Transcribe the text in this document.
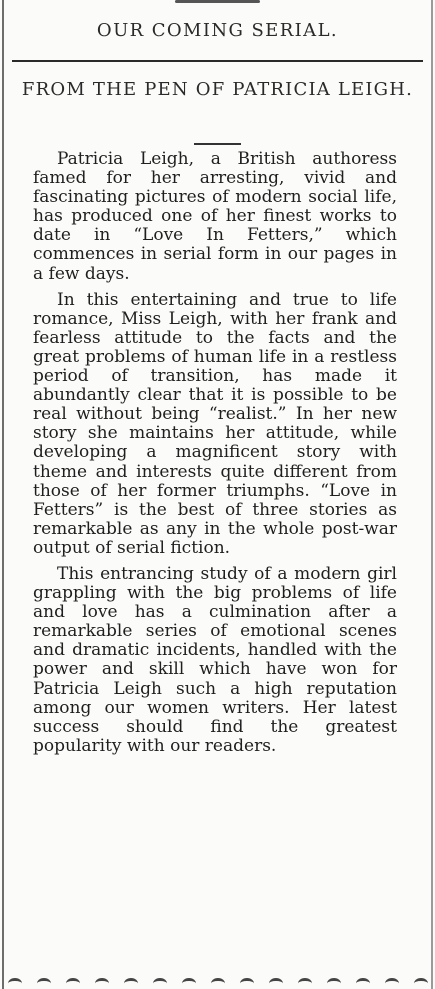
OUR COMING SERIAL.
FROM THE PEN OF PATRICIA LEIGH.

Patricia Leigh, a British authoress famed for her arresting, vivid and fascinating pictures of modern social life, has produced one of her finest works to date in “Love In Fetters,” which commences in serial form in our pages in a few days.

In this entertaining and true to life romance, Miss Leigh, with her frank and fearless attitude to the facts and the great problems of human life in a restless period of transition, has made it abundantly clear that it is possible to be real without being “realist.” In her new story she maintains her attitude, while developing a magnificent story with theme and interests quite different from those of her former triumphs. “Love in Fetters” is the best of three stories as remarkable as any in the whole post-war output of serial fiction.

This entrancing study of a modern girl grappling with the big problems of life and love has a culmination after a remarkable series of emotional scenes and dramatic incidents, handled with the power and skill which have won for Patricia Leigh such a high reputation among our women writers. Her latest success should find the greatest popularity with our readers.
